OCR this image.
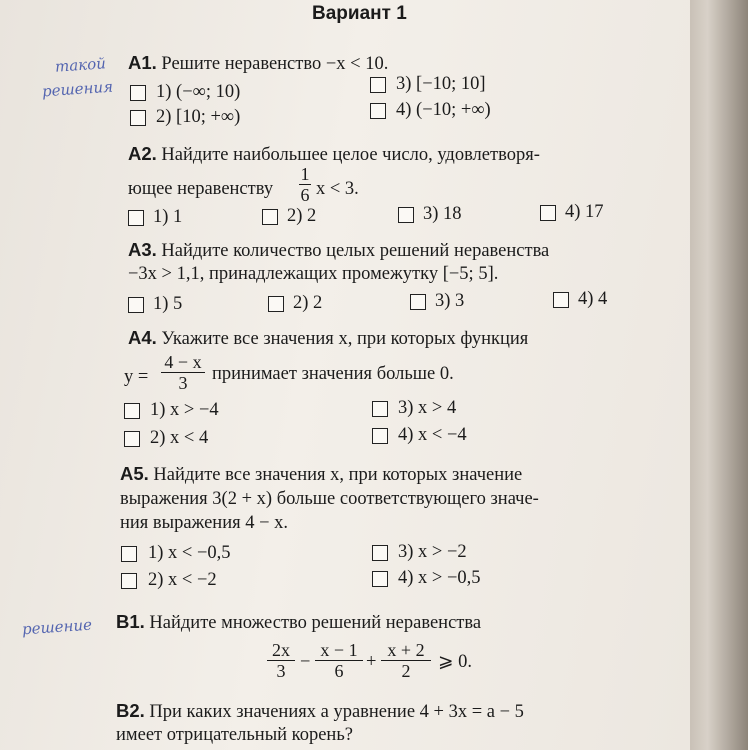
Вариант 1
такой
решения
решение
А1. Решите неравенство −x < 10.
1) (−∞; 10)
2) [10; +∞)
3) [−10; 10]
4) (−10; +∞)
А2. Найдите наибольшее целое число, удовлетворя-
ющее неравенству
1
6 x < 3.
1) 1	2) 2	3) 18	4) 17
А3. Найдите количество целых решений неравенства
−3x > 1,1, принадлежащих промежутку [−5; 5].
1) 5	2) 2	3) 3	4) 4
А4. Укажите все значения x, при которых функция
y =
4 − x
3	принимает значения больше 0.
1) x > −4
2) x < 4
3) x > 4
4) x < −4
А5. Найдите все значения x, при которых значение
выражения 3(2 + x) больше соответствующего значе-
ния выражения 4 − x.
1) x < −0,5
2) x < −2
3) x > −2
4) x > −0,5
В1. Найдите множество решений неравенства
2x
3 −
x − 1
6	+
x + 2
2	⩾ 0.
В2. При каких значениях a уравнение 4 + 3x = a − 5
имеет отрицательный корень?
